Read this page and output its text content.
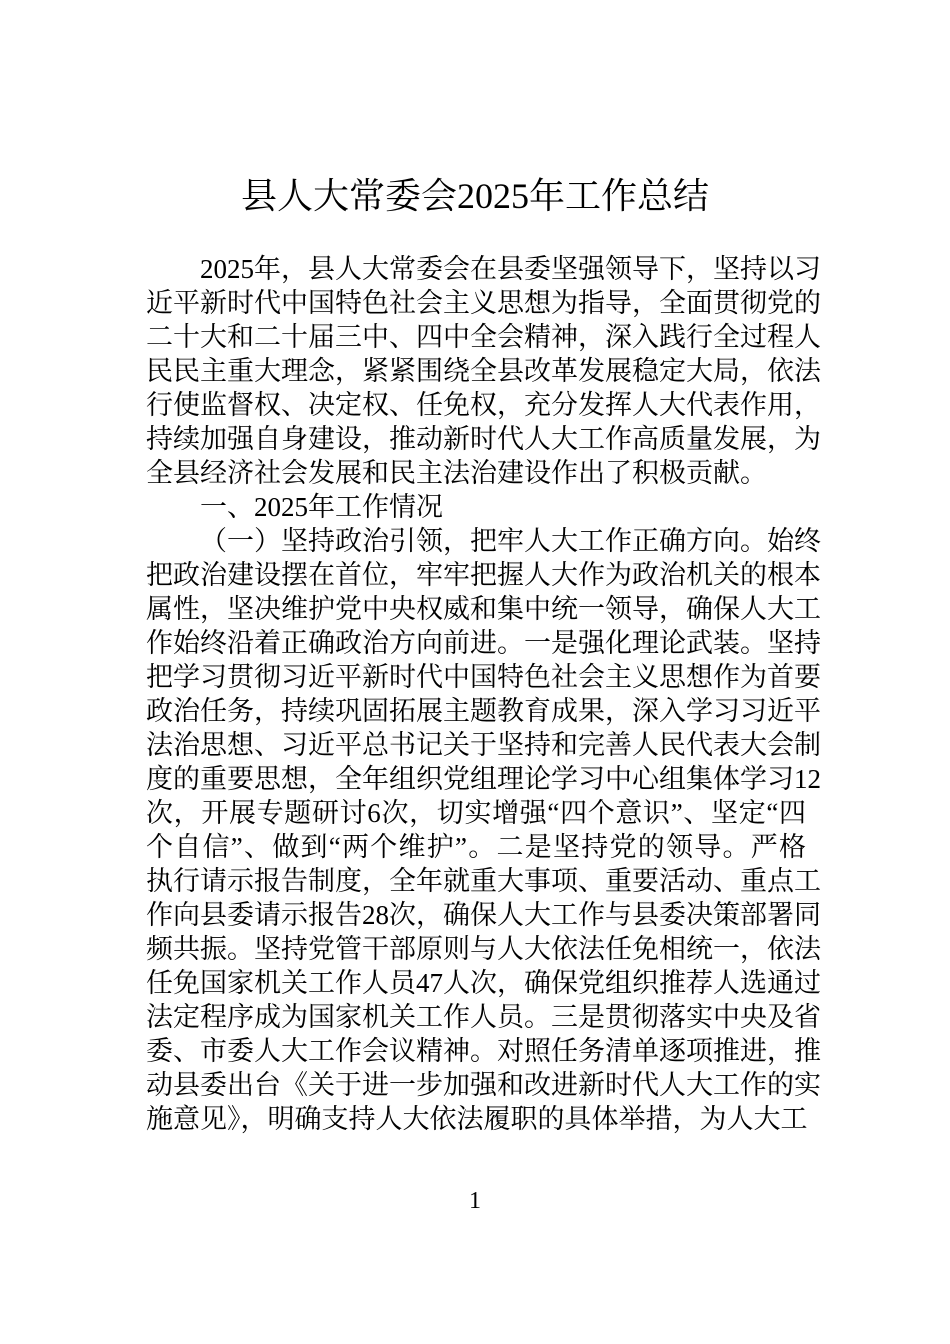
县人大常委会2025年工作总结
2025年，县人大常委会在县委坚强领导下，坚持以习
近平新时代中国特色社会主义思想为指导，全面贯彻党的
二十大和二十届三中、四中全会精神，深入践行全过程人
民民主重大理念，紧紧围绕全县改革发展稳定大局，依法
行使监督权、决定权、任免权，充分发挥人大代表作用，
持续加强自身建设，推动新时代人大工作高质量发展，为
全县经济社会发展和民主法治建设作出了积极贡献。
一、2025年工作情况
（一）坚持政治引领，把牢人大工作正确方向。始终
把政治建设摆在首位，牢牢把握人大作为政治机关的根本
属性，坚决维护党中央权威和集中统一领导，确保人大工
作始终沿着正确政治方向前进。一是强化理论武装。坚持
把学习贯彻习近平新时代中国特色社会主义思想作为首要
政治任务，持续巩固拓展主题教育成果，深入学习习近平
法治思想、习近平总书记关于坚持和完善人民代表大会制
度的重要思想，全年组织党组理论学习中心组集体学习12
次，开展专题研讨6次，切实增强“四个意识”、坚定“四
个自信”、做到“两个维护”。二是坚持党的领导。严格
执行请示报告制度，全年就重大事项、重要活动、重点工
作向县委请示报告28次，确保人大工作与县委决策部署同
频共振。坚持党管干部原则与人大依法任免相统一，依法
任免国家机关工作人员47人次，确保党组织推荐人选通过
法定程序成为国家机关工作人员。三是贯彻落实中央及省
委、市委人大工作会议精神。对照任务清单逐项推进，推
动县委出台《关于进一步加强和改进新时代人大工作的实
施意见》，明确支持人大依法履职的具体举措，为人大工
1
